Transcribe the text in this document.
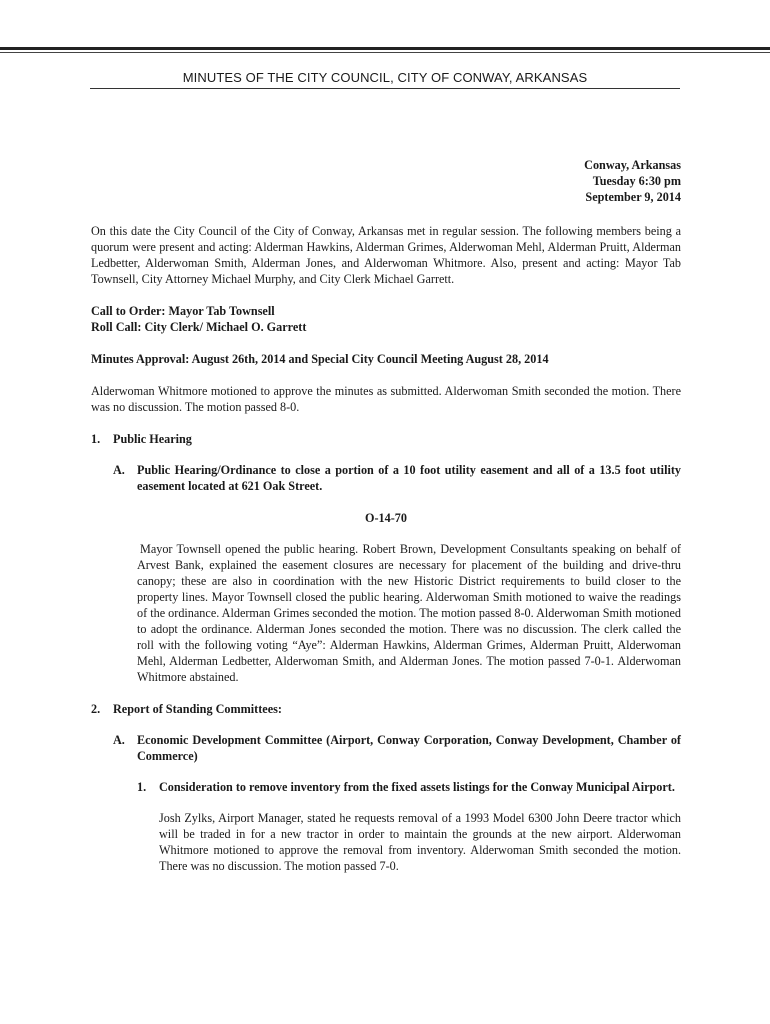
MINUTES OF THE CITY COUNCIL, CITY OF CONWAY, ARKANSAS
Conway, Arkansas
Tuesday 6:30 pm
September 9, 2014

On this date the City Council of the City of Conway, Arkansas met in regular session. The following members being a quorum were present and acting: Alderman Hawkins, Alderman Grimes, Alderwoman Mehl, Alderman Pruitt, Alderman Ledbetter, Alderwoman Smith, Alderman Jones, and Alderwoman Whitmore. Also, present and acting: Mayor Tab Townsell, City Attorney Michael Murphy, and City Clerk Michael Garrett.

Call to Order: Mayor Tab Townsell

Roll Call: City Clerk/ Michael O. Garrett

Minutes Approval: August 26th, 2014 and Special City Council Meeting August 28, 2014

Alderwoman Whitmore motioned to approve the minutes as submitted. Alderwoman Smith seconded the motion. There was no discussion. The motion passed 8-0.

1.	Public Hearing
A. Public Hearing/Ordinance to close a portion of a 10 foot utility easement and all of a 13.5 foot utility easement located at 621 Oak Street.

O-14-70

Mayor Townsell opened the public hearing. Robert Brown, Development Consultants speaking on behalf of Arvest Bank, explained the easement closures are necessary for placement of the building and drive-thru canopy; these are also in coordination with the new Historic District requirements to build closer to the property lines. Mayor Townsell closed the public hearing. Alderwoman Smith motioned to waive the readings of the ordinance. Alderman Grimes seconded the motion. The motion passed 8-0. Alderwoman Smith motioned to adopt the ordinance. Alderman Jones seconded the motion. There was no discussion. The clerk called the roll with the following voting “Aye”: Alderman Hawkins, Alderman Grimes, Alderman Pruitt, Alderwoman Mehl, Alderman Ledbetter, Alderwoman Smith, and Alderman Jones. The motion passed 7-0-1. Alderwoman Whitmore abstained.

2.	Report of Standing Committees:
A. Economic Development Committee (Airport, Conway Corporation, Conway Development, Chamber of Commerce)
1.	Consideration to remove inventory from the fixed assets listings for the Conway Municipal Airport.

Josh Zylks, Airport Manager, stated he requests removal of a 1993 Model 6300 John Deere tractor which will be traded in for a new tractor in order to maintain the grounds at the new airport. Alderwoman Whitmore motioned to approve the removal from inventory. Alderwoman Smith seconded the motion. There was no discussion. The motion passed 7-0.
